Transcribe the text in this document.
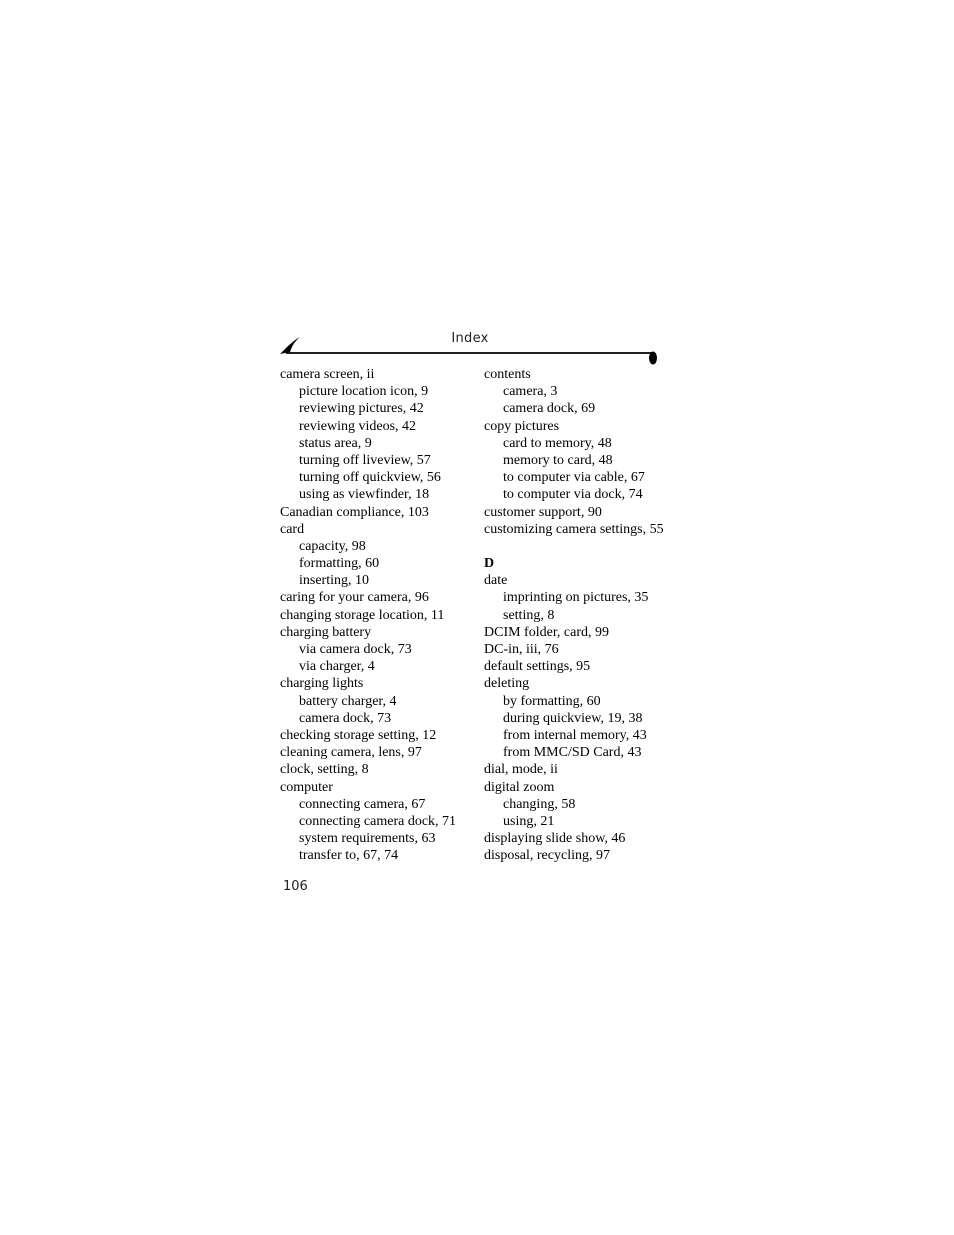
Index
camera screen, ii
picture location icon, 9
reviewing pictures, 42
reviewing videos, 42
status area, 9
turning off liveview, 57
turning off quickview, 56
using as viewfinder, 18
Canadian compliance, 103
card
capacity, 98
formatting, 60
inserting, 10
caring for your camera, 96
changing storage location, 11
charging battery
via camera dock, 73
via charger, 4
charging lights
battery charger, 4
camera dock, 73
checking storage setting, 12
cleaning camera, lens, 97
clock, setting, 8
computer
connecting camera, 67
connecting camera dock, 71
system requirements, 63
transfer to, 67, 74
contents
camera, 3
camera dock, 69
copy pictures
card to memory, 48
memory to card, 48
to computer via cable, 67
to computer via dock, 74
customer support, 90
customizing camera settings, 55
D
date
imprinting on pictures, 35
setting, 8
DCIM folder, card, 99
DC-in, iii, 76
default settings, 95
deleting
by formatting, 60
during quickview, 19, 38
from internal memory, 43
from MMC/SD Card, 43
dial, mode, ii
digital zoom
changing, 58
using, 21
displaying slide show, 46
disposal, recycling, 97
106
